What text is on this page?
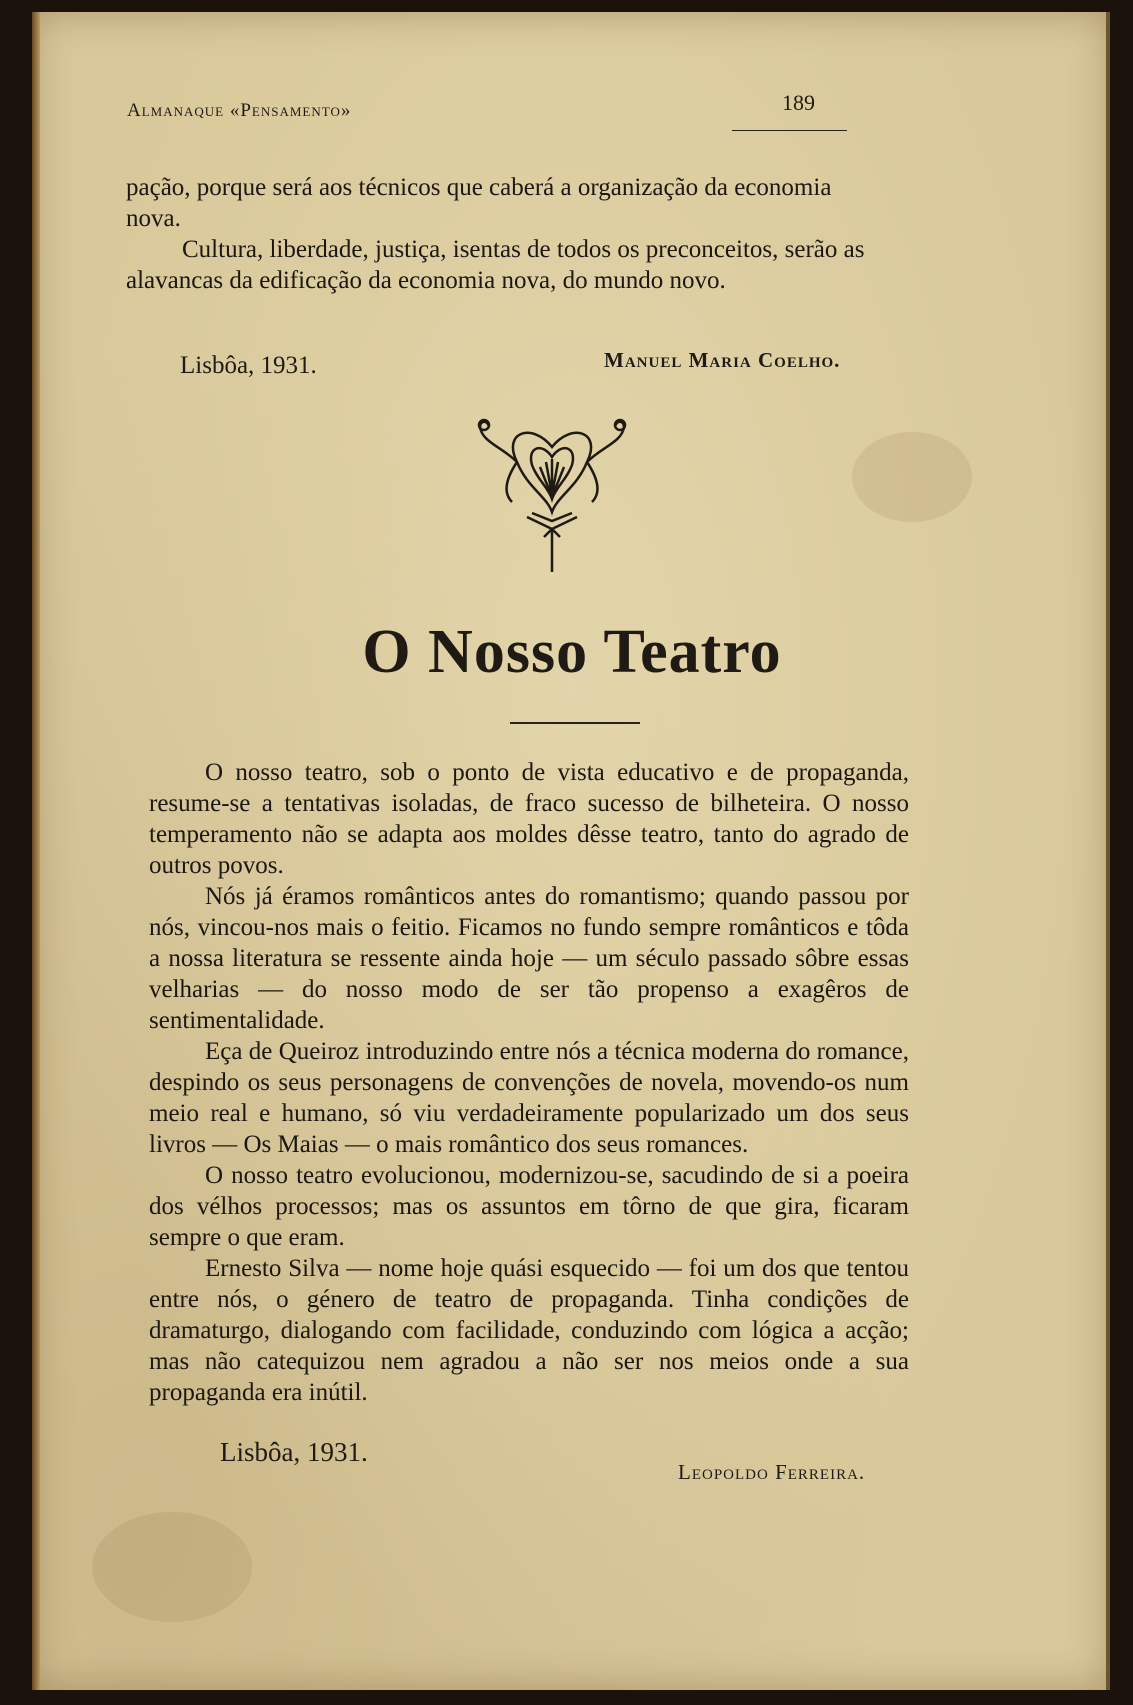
Almanaque «Pensamento»	189

pação, porque será aos técnicos que caberá a organização da economia nova.

Cultura, liberdade, justiça, isentas de todos os preconceitos, serão as alavancas da edificação da economia nova, do mundo novo.

Lisbôa, 1931.	Manuel Maria Coelho.
O Nosso Teatro

O nosso teatro, sob o ponto de vista educativo e de propaganda, resume-se a tentativas isoladas, de fraco sucesso de bilheteira. O nosso temperamento não se adapta aos moldes dêsse teatro, tanto do agrado de outros povos.

Nós já éramos românticos antes do romantismo; quando passou por nós, vincou-nos mais o feitio. Ficamos no fundo sempre românticos e tôda a nossa literatura se ressente ainda hoje — um século passado sôbre essas velharias — do nosso modo de ser tão propenso a exagêros de sentimentalidade.

Eça de Queiroz introduzindo entre nós a técnica moderna do romance, despindo os seus personagens de convenções de novela, movendo-os num meio real e humano, só viu verdadeiramente popularizado um dos seus livros — Os Maias — o mais romântico dos seus romances.

O nosso teatro evolucionou, modernizou-se, sacudindo de si a poeira dos vélhos processos; mas os assuntos em tôrno de que gira, ficaram sempre o que eram.

Ernesto Silva — nome hoje quási esquecido — foi um dos que tentou entre nós, o género de teatro de propaganda. Tinha condições de dramaturgo, dialogando com facilidade, conduzindo com lógica a acção; mas não catequizou nem agradou a não ser nos meios onde a sua propaganda era inútil.

Lisbôa, 1931.
Leopoldo Ferreira.
